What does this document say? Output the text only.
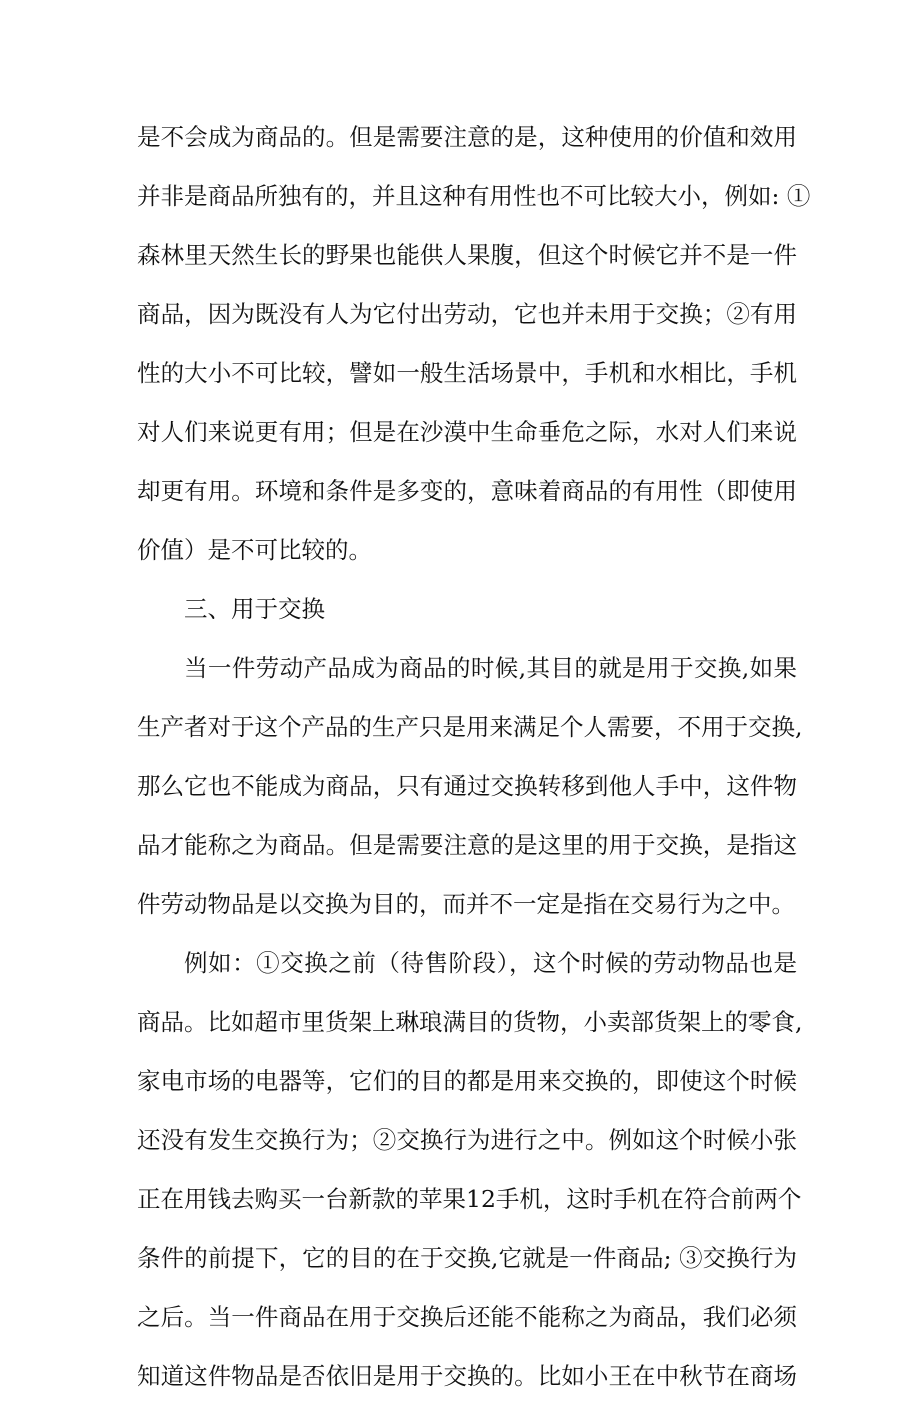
是不会成为商品的。但是需要注意的是，这种使用的价值和效用
并非是商品所独有的，并且这种有用性也不可比较大小，例如: ①
森林里天然生长的野果也能供人果腹，但这个时候它并不是一件
商品，因为既没有人为它付出劳动，它也并未用于交换；②有用
性的大小不可比较，譬如一般生活场景中，手机和水相比，手机
对人们来说更有用；但是在沙漠中生命垂危之际，水对人们来说
却更有用。环境和条件是多变的，意味着商品的有用性（即使用
价值）是不可比较的。
三、用于交换
当一件劳动产品成为商品的时候,其目的就是用于交换,如果
生产者对于这个产品的生产只是用来满足个人需要，不用于交换,
那么它也不能成为商品，只有通过交换转移到他人手中，这件物
品才能称之为商品。但是需要注意的是这里的用于交换，是指这
件劳动物品是以交换为目的，而并不一定是指在交易行为之中。
例如：①交换之前（待售阶段），这个时候的劳动物品也是
商品。比如超市里货架上琳琅满目的货物，小卖部货架上的零食,
家电市场的电器等，它们的目的都是用来交换的，即使这个时候
还没有发生交换行为；②交换行为进行之中。例如这个时候小张
正在用钱去购买一台新款的苹果12手机，这时手机在符合前两个
条件的前提下，它的目的在于交换,它就是一件商品; ③交换行为
之后。当一件商品在用于交换后还能不能称之为商品，我们必须
知道这件物品是否依旧是用于交换的。比如小王在中秋节在商场
